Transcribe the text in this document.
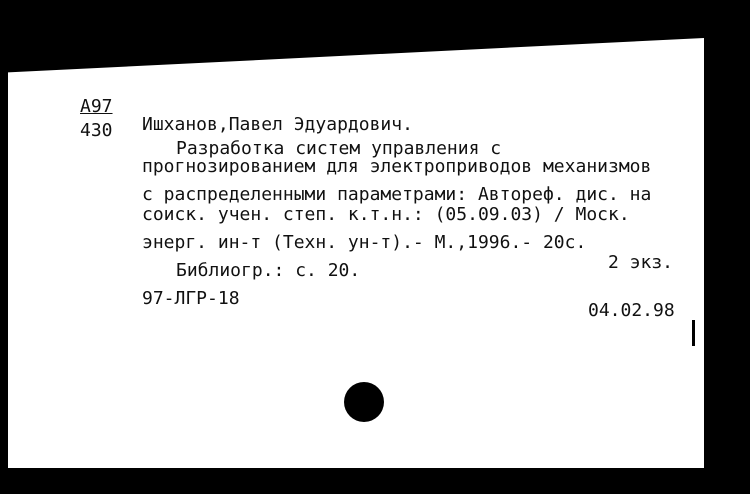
А97
430 Ишханов,Павел Эдуардович.
Разработка систем управления с
прогнозированием для электроприводов механизмов
с распределенными параметрами: Автореф. дис. на
соиск. учен. степ. к.т.н.: (05.09.03) / Моск.
энерг. ин-т (Техн. ун-т).- М.,1996.- 20с.
Библиогр.: с. 20.	2 экз.
97-ЛГР-18
04.02.98
